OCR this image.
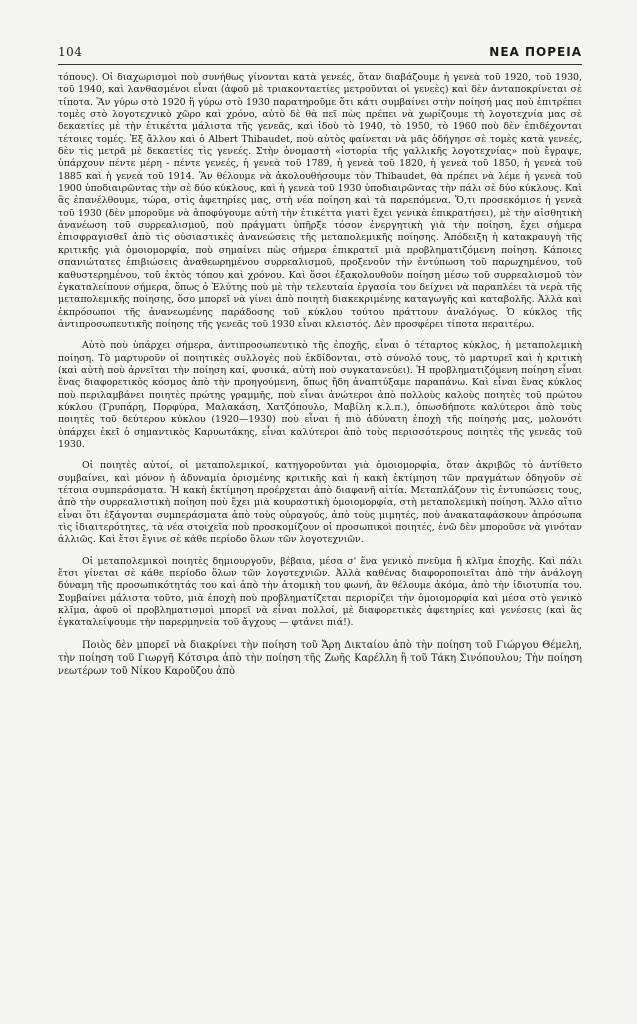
104	ΝΕΑ ΠΟΡΕΙΑ

τόπους). Οἱ διαχωρισμοὶ ποὺ συνήθως γίνονται κατὰ γενεές, ὅταν διαβάζουμε ἡ γενεὰ τοῦ 1920, τοῦ 1930, τοῦ 1940, καὶ λανθασμένοι εἶναι (ἀφοῦ μὲ τριακονταετίες μετροῦνται οἱ γενεὲς) καὶ δὲν ἀνταποκρίνεται σὲ τίποτα. Ἂν γύρω στὸ 1920 ἢ γύρω στὸ 1930 παρατηροῦμε ὅτι κάτι συμβαίνει στὴν ποίησή μας ποὺ ἐπιτρέπει τομὲς στὸ λογοτεχνικὸ χῶρο καὶ χρόνο, αὐτὸ δὲ θὰ πεῖ πὼς πρέπει νὰ χωρίζουμε τὴ λογοτεχνία μας σὲ δεκαετίες μὲ τὴν ἐτικέττα μάλιστα τῆς γενεᾶς, καὶ ἰδοὺ τὸ 1940, τὸ 1950, τὸ 1960 ποὺ δὲν ἐπιδέχονται τέτοιες τομές. Ἐξ ἄλλου καὶ ὁ Albert Thibaudet, ποὺ αὐτὸς φαίνεται νὰ μᾶς ὁδήγησε σὲ τομὲς κατὰ γενεές, δὲν τὶς μετρᾶ μὲ δεκαετίες τὶς γενεές. Στὴν ὀνομαστὴ «ἱστορία τῆς γαλλικῆς λογοτεχνίας» ποὺ ἔγραψε, ὑπάρχουν πέντε μέρη - πέντε γενεές, ἡ γενεὰ τοῦ 1789, ἡ γενεὰ τοῦ 1820, ἡ γενεὰ τοῦ 1850, ἡ γενεὰ τοῦ 1885 καὶ ἡ γενεὰ τοῦ 1914. Ἂν θέλουμε νὰ ἀκολουθήσουμε τὸν Thibaudet, θὰ πρέπει νὰ λέμε ἡ γενεὰ τοῦ 1900 ὑποδιαιρῶντας τὴν σὲ δύο κύκλους, καὶ ἡ γενεὰ τοῦ 1930 ὑποδιαιρῶντας τὴν πάλι σὲ δύο κύκλους. Καὶ ἂς ἐπανέλθουμε, τώρα, στὶς ἀφετηρίες μας, στὴ νέα ποίηση καὶ τὰ παρεπόμενα. Ὅ,τι προσεκόμισε ἡ γενεὰ τοῦ 1930 (δὲν μποροῦμε νὰ ἀποφύγουμε αὐτὴ τὴν ἐτικέττα γιατὶ ἔχει γενικὰ ἐπικρατήσει), μὲ τὴν αἰσθητικὴ ἀνανέωση τοῦ συρρεαλισμοῦ, ποὺ πράγματι ὑπῆρξε τόσον ἐνεργητικὴ γιὰ τὴν ποίηση, ἔχει σήμερα ἐπισφραγισθεῖ ἀπὸ τὶς οὐσιαστικὲς ἀνανεώσεις τῆς μεταπολεμικῆς ποίησης. Ἀπόδειξη ἡ κατακραυγὴ τῆς κριτικῆς γιὰ ὁμοιομορφία, ποὺ σημαίνει πὼς σήμερα ἐπικρατεῖ μιὰ προβληματιζόμενη ποίηση. Κάποιες σπανιώτατες ἐπιβιώσεις ἀναθεωρημένου συρρεαλισμοῦ, προξενοῦν τὴν ἐντύπωση τοῦ παρωχημένου, τοῦ καθυστερημένου, τοῦ ἐκτὸς τόπου καὶ χρόνου. Καὶ ὅσοι ἐξακολουθοῦν ποίηση μέσω τοῦ συρρεαλισμοῦ τὸν ἐγκαταλείπουν σήμερα, ὅπως ὁ Ἐλύτης ποὺ μὲ τὴν τελευταία ἐργασία του δείχνει νὰ παραπλέει τὰ νερὰ τῆς μεταπολεμικῆς ποίησης, ὅσο μπορεῖ νὰ γίνει ἀπὸ ποιητὴ διακεκριμένης καταγωγῆς καὶ καταβολῆς. Ἀλλὰ καὶ ἐκπρόσωποι τῆς ἀνανεωμένης παράδοσης τοῦ κύκλου τούτου πράττουν ἀναλόγως. Ὁ κύκλος τῆς ἀντιπροσωπευτικῆς ποίησης τῆς γενεᾶς τοῦ 1930 εἶναι κλειστός. Δὲν προσφέρει τίποτα περαιτέρω.

Αὐτὸ ποὺ ὑπάρχει σήμερα, ἀντιπροσωπευτικὸ τῆς ἐποχῆς, εἶναι ὁ τέταρτος κύκλος, ἡ μεταπολεμικὴ ποίηση. Τὸ μαρτυροῦν οἱ ποιητικὲς συλλογὲς ποὺ ἐκδίδονται, στὸ σύνολό τους, τὸ μαρτυρεῖ καὶ ἡ κριτικὴ (καὶ αὐτὴ ποὺ ἀρνεῖται τὴν ποίηση καί, φυσικά, αὐτὴ ποὺ συγκατανεύει). Ἡ προβληματιζόμενη ποίηση εἶναι ἕνας διαφορετικὸς κόσμος ἀπὸ τὴν προηγούμενη, ὅπως ἤδη ἀναπτύξαμε παραπάνω. Καὶ εἶναι ἕνας κύκλος ποὺ περιλαμβάνει ποιητὲς πρώτης γραμμῆς, ποὺ εἶναι ἀνώτεροι ἀπὸ πολλοὺς καλοὺς ποιητὲς τοῦ πρώτου κύκλου (Γρυπάρη, Πορφύρα, Μαλακάση, Χατζόπουλο, Μαβίλη κ.λ.π.), ὁπωσδήποτε καλύτεροι ἀπὸ τοὺς ποιητὲς τοῦ δεύτερου κύκλου (1920—1930) ποὺ εἶναι ἡ πιὸ ἀδύνατη ἐποχὴ τῆς ποίησής μας, μολονότι ὑπάρχει ἐκεῖ ὁ σημαντικὸς Καρυωτάκης, εἶναι καλύτεροι ἀπὸ τοὺς περισσότερους ποιητὲς τῆς γενεᾶς τοῦ 1930.

Οἱ ποιητὲς αὐτοί, οἱ μεταπολεμικοί, κατηγοροῦνται γιὰ ὁμοιομορφία, ὅταν ἀκριβῶς τὸ ἀντίθετο συμβαίνει, καὶ μόνον ἡ ἀδυναμία ὁρισμένης κριτικῆς καὶ ἡ κακὴ ἐκτίμηση τῶν πραγμάτων ὁδηγοῦν σὲ τέτοια συμπεράσματα. Ἡ κακὴ ἐκτίμηση προέρχεται ἀπὸ διαφανῆ αἰτία. Μεταπλάζουν τὶς ἐντυπώσεις τους, ἀπὸ τὴν συρρεαλιστικὴ ποίηση ποὺ ἔχει μιὰ κουραστικὴ ὁμοιομορφία, στὴ μεταπολεμικὴ ποίηση. Ἄλλο αἴτιο εἶναι ὅτι ἐξάγονται συμπεράσματα ἀπὸ τοὺς οὐραγούς, ἀπὸ τοὺς μιμητές, ποὺ ἀνακαταφάσκουν ἀπρόσωπα τὶς ἰδιαιτερότητες, τὰ νέα στοιχεῖα ποὺ προσκομίζουν οἱ προσωπικοὶ ποιητές, ἐνῶ δὲν μποροῦσε νὰ γινόταν ἀλλιῶς. Καὶ ἔτσι ἔγινε σὲ κάθε περίοδο ὅλων τῶν λογοτεχνιῶν.

Οἱ μεταπολεμικοὶ ποιητὲς δημιουργοῦν, βέβαια, μέσα σ' ἕνα γενικὸ πνεῦμα ἢ κλῖμα ἐποχῆς. Καὶ πάλι ἔτσι γίνεται σὲ κάθε περίοδο ὅλων τῶν λογοτεχνιῶν. Ἀλλὰ καθένας διαφοροποιεῖται ἀπὸ τὴν ἀνάλογη δύναμη τῆς προσωπικότητάς του καὶ ἀπὸ τὴν ἀτομικὴ του φωνή, ἂν θέλουμε ἀκόμα, ἀπὸ τὴν ἰδιοτυπία του. Συμβαίνει μάλιστα τοῦτο, μιὰ ἐποχὴ ποὺ προβληματίζεται περιορίζει τὴν ὁμοιομορφία καὶ μέσα στὸ γενικὸ κλῖμα, ἀφοῦ οἱ προβληματισμοὶ μπορεῖ νὰ εἶναι πολλοί, μὲ διαφορετικὲς ἀφετηρίες καὶ γενέσεις (καὶ ἂς ἐγκαταλείψουμε τὴν παρερμηνεία τοῦ ἄγχους — φτάνει πιά!).

Ποιὸς δὲν μπορεῖ νὰ διακρίνει τὴν ποίηση τοῦ Ἄρη Δικταίου ἀπὸ τὴν ποίηση τοῦ Γιώργου Θέμελη, τὴν ποίηση τοῦ Γιωργῆ Κότσιρα ἀπὸ τὴν ποίηση τῆς Ζωῆς Καρέλλη ἢ τοῦ Τάκη Σινόπουλου; Τὴν ποίηση νεωτέρων τοῦ Νίκου Καροῦζου ἀπὸ
